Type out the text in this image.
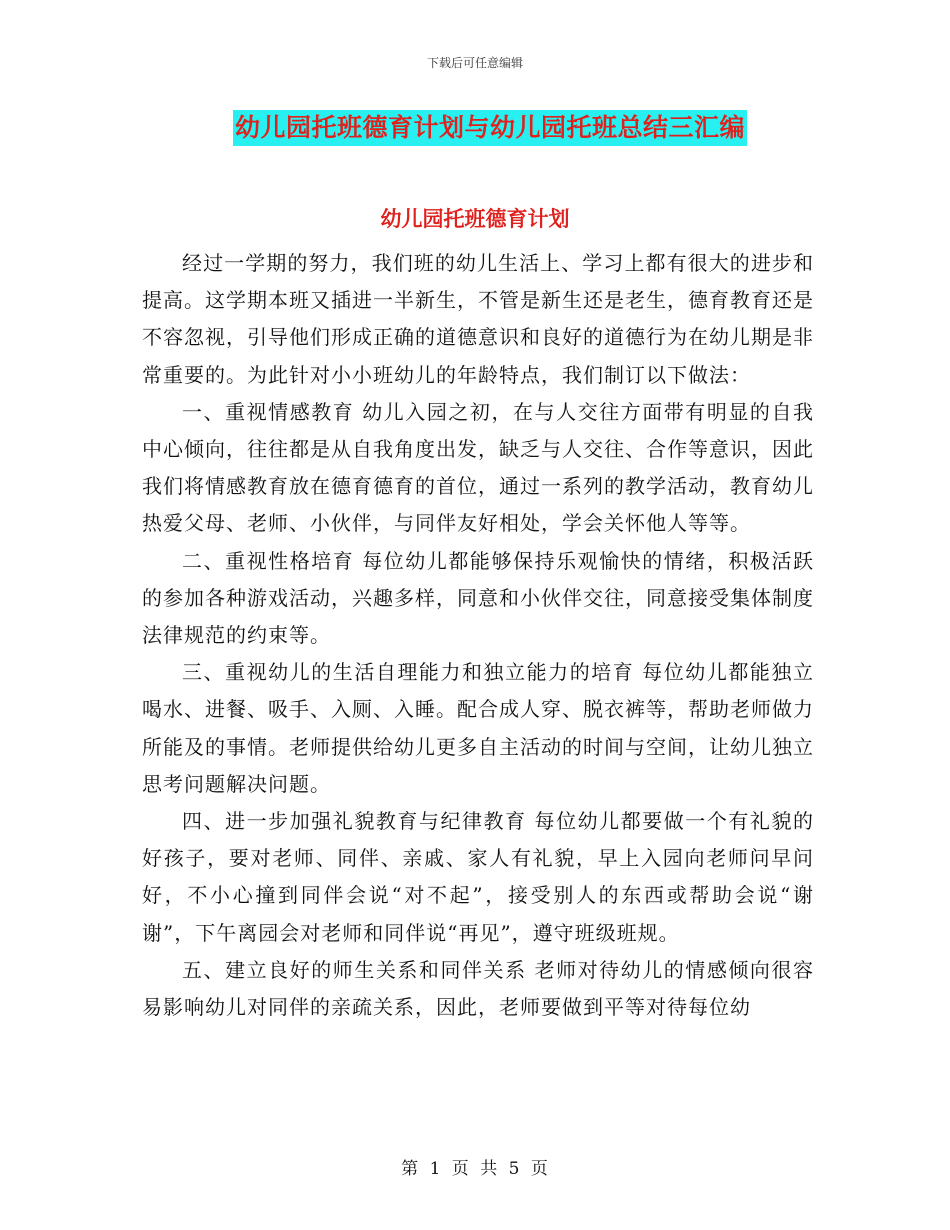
下载后可任意编辑
幼儿园托班德育计划与幼儿园托班总结三汇编
幼儿园托班德育计划

经过一学期的努力，我们班的幼儿生活上、学习上都有很大的进步和提高。这学期本班又插进一半新生，不管是新生还是老生，德育教育还是不容忽视，引导他们形成正确的道德意识和良好的道德行为在幼儿期是非常重要的。为此针对小小班幼儿的年龄特点，我们制订以下做法：

一、重视情感教育 幼儿入园之初，在与人交往方面带有明显的自我中心倾向，往往都是从自我角度出发，缺乏与人交往、合作等意识，因此我们将情感教育放在德育德育的首位，通过一系列的教学活动，教育幼儿热爱父母、老师、小伙伴，与同伴友好相处，学会关怀他人等等。

二、重视性格培育 每位幼儿都能够保持乐观愉快的情绪，积极活跃的参加各种游戏活动，兴趣多样，同意和小伙伴交往，同意接受集体制度法律规范的约束等。

三、重视幼儿的生活自理能力和独立能力的培育 每位幼儿都能独立喝水、进餐、吸手、入厕、入睡。配合成人穿、脱衣裤等，帮助老师做力所能及的事情。老师提供给幼儿更多自主活动的时间与空间，让幼儿独立思考问题解决问题。

四、进一步加强礼貌教育与纪律教育 每位幼儿都要做一个有礼貌的好孩子，要对老师、同伴、亲戚、家人有礼貌，早上入园向老师问早问好，不小心撞到同伴会说“对不起”，接受别人的东西或帮助会说“谢谢”，下午离园会对老师和同伴说“再见”，遵守班级班规。

五、建立良好的师生关系和同伴关系 老师对待幼儿的情感倾向很容易影响幼儿对同伴的亲疏关系，因此，老师要做到平等对待每位幼

第 1 页 共 5 页
